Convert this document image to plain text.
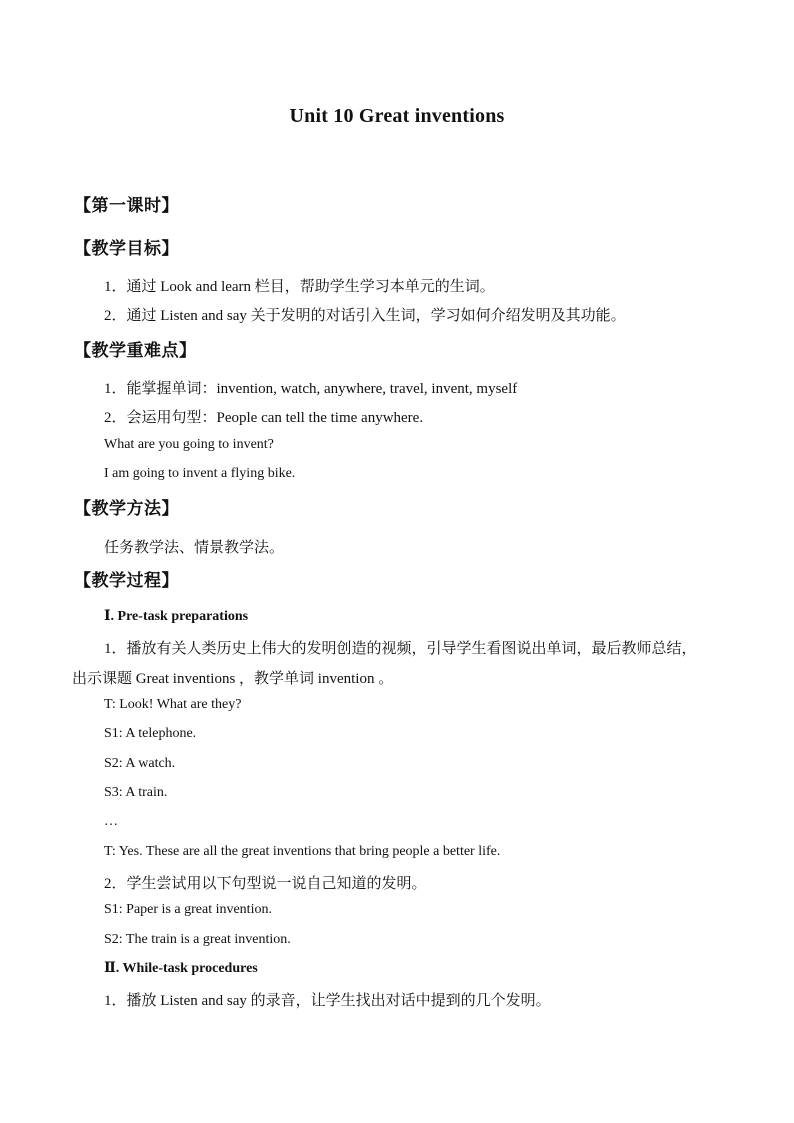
Unit 10 Great inventions
【第一课时】
【教学目标】
1．通过 Look and learn 栏目，帮助学生学习本单元的生词。
2．通过 Listen and say 关于发明的对话引入生词，学习如何介绍发明及其功能。
【教学重难点】
1．能掌握单词：invention, watch, anywhere, travel, invent, myself
2．会运用句型：People can tell the time anywhere.
What are you going to invent?
I am going to invent a flying bike.
【教学方法】
任务教学法、情景教学法。
【教学过程】
Ⅰ. Pre-task preparations
1．播放有关人类历史上伟大的发明创造的视频，引导学生看图说出单词，最后教师总结，
出示课题 Great inventions ，教学单词 invention 。
T: Look! What are they?
S1: A telephone.
S2: A watch.
S3: A train.
…
T: Yes. These are all the great inventions that bring people a better life.
2．学生尝试用以下句型说一说自己知道的发明。
S1: Paper is a great invention.
S2: The train is a great invention.
Ⅱ. While-task procedures
1．播放 Listen and say 的录音，让学生找出对话中提到的几个发明。
